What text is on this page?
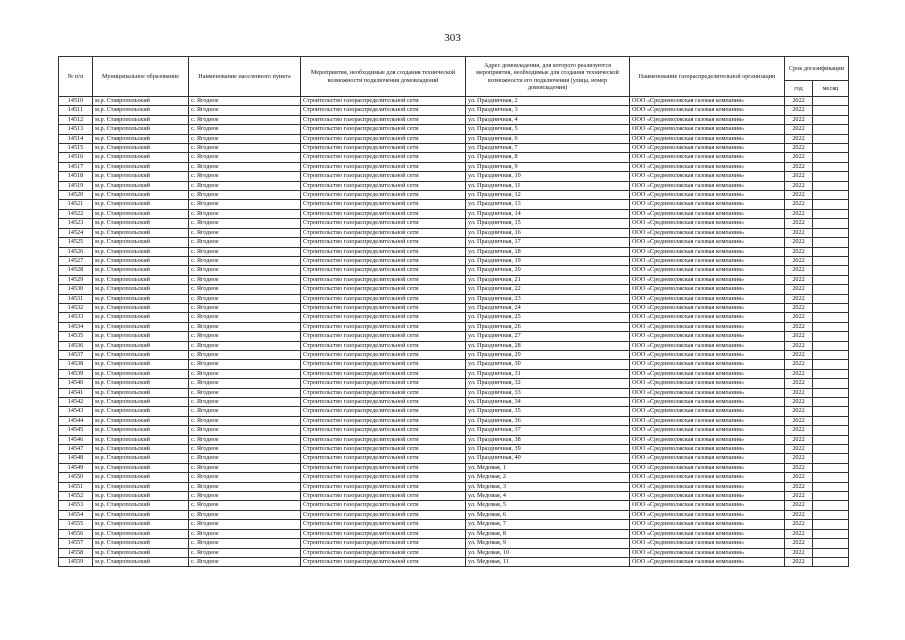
303
№ п/п	Муниципальное образование	Наименование населенного пункта	Мероприятия, необходимые для создания технической возможности подключения домовладений	Адрес домовладения, для которого реализуются мероприятия, необходимые для создания технической возможности его подключения (улица, номер домовладения)	Наименование газораспределительной организации	Срок догазификации	
						год	месяц
14510	м.р. Ставропольский	с. Ягодное	Строительство газораспределительной сети	ул. Праздничная, 2	ООО «Средневолжская газовая компания»	2022	
14511	м.р. Ставропольский	с. Ягодное	Строительство газораспределительной сети	ул. Праздничная, 3	ООО «Средневолжская газовая компания»	2022	
14512	м.р. Ставропольский	с. Ягодное	Строительство газораспределительной сети	ул. Праздничная, 4	ООО «Средневолжская газовая компания»	2022	
14513	м.р. Ставропольский	с. Ягодное	Строительство газораспределительной сети	ул. Праздничная, 5	ООО «Средневолжская газовая компания»	2022	
14514	м.р. Ставропольский	с. Ягодное	Строительство газораспределительной сети	ул. Праздничная, 6	ООО «Средневолжская газовая компания»	2022	
14515	м.р. Ставропольский	с. Ягодное	Строительство газораспределительной сети	ул. Праздничная, 7	ООО «Средневолжская газовая компания»	2022	
14516	м.р. Ставропольский	с. Ягодное	Строительство газораспределительной сети	ул. Праздничная, 8	ООО «Средневолжская газовая компания»	2022	
14517	м.р. Ставропольский	с. Ягодное	Строительство газораспределительной сети	ул. Праздничная, 9	ООО «Средневолжская газовая компания»	2022	
14518	м.р. Ставропольский	с. Ягодное	Строительство газораспределительной сети	ул. Праздничная, 10	ООО «Средневолжская газовая компания»	2022	
14519	м.р. Ставропольский	с. Ягодное	Строительство газораспределительной сети	ул. Праздничная, 11	ООО «Средневолжская газовая компания»	2022	
14520	м.р. Ставропольский	с. Ягодное	Строительство газораспределительной сети	ул. Праздничная, 12	ООО «Средневолжская газовая компания»	2022	
14521	м.р. Ставропольский	с. Ягодное	Строительство газораспределительной сети	ул. Праздничная, 13	ООО «Средневолжская газовая компания»	2022	
14522	м.р. Ставропольский	с. Ягодное	Строительство газораспределительной сети	ул. Праздничная, 14	ООО «Средневолжская газовая компания»	2022	
14523	м.р. Ставропольский	с. Ягодное	Строительство газораспределительной сети	ул. Праздничная, 15	ООО «Средневолжская газовая компания»	2022	
14524	м.р. Ставропольский	с. Ягодное	Строительство газораспределительной сети	ул. Праздничная, 16	ООО «Средневолжская газовая компания»	2022	
14525	м.р. Ставропольский	с. Ягодное	Строительство газораспределительной сети	ул. Праздничная, 17	ООО «Средневолжская газовая компания»	2022	
14526	м.р. Ставропольский	с. Ягодное	Строительство газораспределительной сети	ул. Праздничная, 18	ООО «Средневолжская газовая компания»	2022	
14527	м.р. Ставропольский	с. Ягодное	Строительство газораспределительной сети	ул. Праздничная, 19	ООО «Средневолжская газовая компания»	2022	
14528	м.р. Ставропольский	с. Ягодное	Строительство газораспределительной сети	ул. Праздничная, 20	ООО «Средневолжская газовая компания»	2022	
14529	м.р. Ставропольский	с. Ягодное	Строительство газораспределительной сети	ул. Праздничная, 21	ООО «Средневолжская газовая компания»	2022	
14530	м.р. Ставропольский	с. Ягодное	Строительство газораспределительной сети	ул. Праздничная, 22	ООО «Средневолжская газовая компания»	2022	
14531	м.р. Ставропольский	с. Ягодное	Строительство газораспределительной сети	ул. Праздничная, 23	ООО «Средневолжская газовая компания»	2022	
14532	м.р. Ставропольский	с. Ягодное	Строительство газораспределительной сети	ул. Праздничная, 24	ООО «Средневолжская газовая компания»	2022	
14533	м.р. Ставропольский	с. Ягодное	Строительство газораспределительной сети	ул. Праздничная, 25	ООО «Средневолжская газовая компания»	2022	
14534	м.р. Ставропольский	с. Ягодное	Строительство газораспределительной сети	ул. Праздничная, 26	ООО «Средневолжская газовая компания»	2022	
14535	м.р. Ставропольский	с. Ягодное	Строительство газораспределительной сети	ул. Праздничная, 27	ООО «Средневолжская газовая компания»	2022	
14536	м.р. Ставропольский	с. Ягодное	Строительство газораспределительной сети	ул. Праздничная, 28	ООО «Средневолжская газовая компания»	2022	
14537	м.р. Ставропольский	с. Ягодное	Строительство газораспределительной сети	ул. Праздничная, 29	ООО «Средневолжская газовая компания»	2022	
14538	м.р. Ставропольский	с. Ягодное	Строительство газораспределительной сети	ул. Праздничная, 30	ООО «Средневолжская газовая компания»	2022	
14539	м.р. Ставропольский	с. Ягодное	Строительство газораспределительной сети	ул. Праздничная, 31	ООО «Средневолжская газовая компания»	2022	
14540	м.р. Ставропольский	с. Ягодное	Строительство газораспределительной сети	ул. Праздничная, 32	ООО «Средневолжская газовая компания»	2022	
14541	м.р. Ставропольский	с. Ягодное	Строительство газораспределительной сети	ул. Праздничная, 33	ООО «Средневолжская газовая компания»	2022	
14542	м.р. Ставропольский	с. Ягодное	Строительство газораспределительной сети	ул. Праздничная, 34	ООО «Средневолжская газовая компания»	2022	
14543	м.р. Ставропольский	с. Ягодное	Строительство газораспределительной сети	ул. Праздничная, 35	ООО «Средневолжская газовая компания»	2022	
14544	м.р. Ставропольский	с. Ягодное	Строительство газораспределительной сети	ул. Праздничная, 36	ООО «Средневолжская газовая компания»	2022	
14545	м.р. Ставропольский	с. Ягодное	Строительство газораспределительной сети	ул. Праздничная, 37	ООО «Средневолжская газовая компания»	2022	
14546	м.р. Ставропольский	с. Ягодное	Строительство газораспределительной сети	ул. Праздничная, 38	ООО «Средневолжская газовая компания»	2022	
14547	м.р. Ставропольский	с. Ягодное	Строительство газораспределительной сети	ул. Праздничная, 39	ООО «Средневолжская газовая компания»	2022	
14548	м.р. Ставропольский	с. Ягодное	Строительство газораспределительной сети	ул. Праздничная, 40	ООО «Средневолжская газовая компания»	2022	
14549	м.р. Ставропольский	с. Ягодное	Строительство газораспределительной сети	ул. Медовая, 1	ООО «Средневолжская газовая компания»	2022	
14550	м.р. Ставропольский	с. Ягодное	Строительство газораспределительной сети	ул. Медовая, 2	ООО «Средневолжская газовая компания»	2022	
14551	м.р. Ставропольский	с. Ягодное	Строительство газораспределительной сети	ул. Медовая, 3	ООО «Средневолжская газовая компания»	2022	
14552	м.р. Ставропольский	с. Ягодное	Строительство газораспределительной сети	ул. Медовая, 4	ООО «Средневолжская газовая компания»	2022	
14553	м.р. Ставропольский	с. Ягодное	Строительство газораспределительной сети	ул. Медовая, 5	ООО «Средневолжская газовая компания»	2022	
14554	м.р. Ставропольский	с. Ягодное	Строительство газораспределительной сети	ул. Медовая, 6	ООО «Средневолжская газовая компания»	2022	
14555	м.р. Ставропольский	с. Ягодное	Строительство газораспределительной сети	ул. Медовая, 7	ООО «Средневолжская газовая компания»	2022	
14556	м.р. Ставропольский	с. Ягодное	Строительство газораспределительной сети	ул. Медовая, 8	ООО «Средневолжская газовая компания»	2022	
14557	м.р. Ставропольский	с. Ягодное	Строительство газораспределительной сети	ул. Медовая, 9	ООО «Средневолжская газовая компания»	2022	
14558	м.р. Ставропольский	с. Ягодное	Строительство газораспределительной сети	ул. Медовая, 10	ООО «Средневолжская газовая компания»	2022	
14559	м.р. Ставропольский	с. Ягодное	Строительство газораспределительной сети	ул. Медовая, 11	ООО «Средневолжская газовая компания»	2022	
